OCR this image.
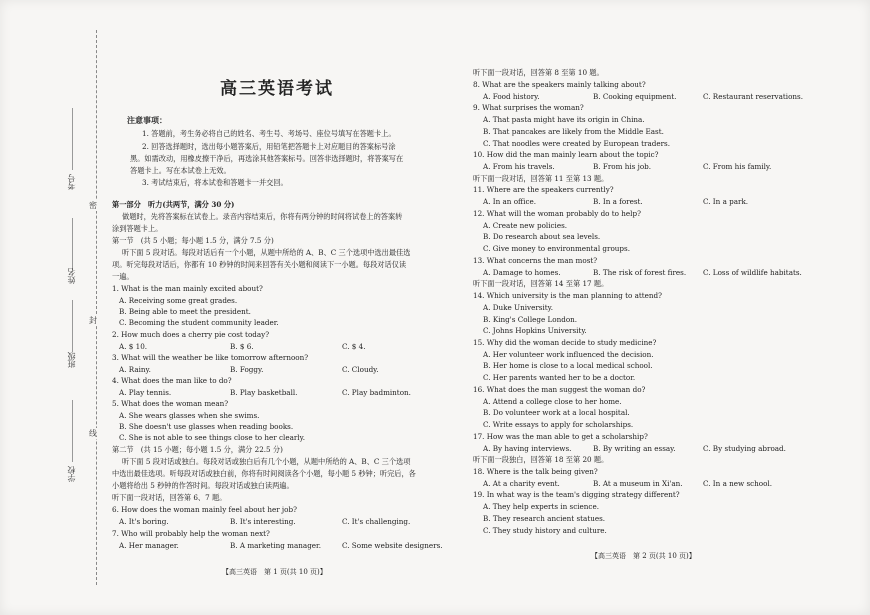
考号
姓名
班级
学校
密
封
线
高三英语考试
注意事项：
1. 答题前，考生务必将自己的姓名、考生号、考场号、座位号填写在答题卡上。
2. 回答选择题时，选出每小题答案后，用铅笔把答题卡上对应题目的答案标号涂
黑。如需改动，用橡皮擦干净后，再选涂其他答案标号。回答非选择题时，将答案写在
答题卡上。写在本试卷上无效。
3. 考试结束后，将本试卷和答题卡一并交回。
第一部分　听力(共两节，满分 30 分)
做题时，先将答案标在试卷上。录音内容结束后，你将有两分钟的时间将试卷上的答案转
涂到答题卡上。
第一节　(共 5 小题；每小题 1.5 分，满分 7.5 分)
听下面 5 段对话。每段对话后有一个小题，从题中所给的 A、B、C 三个选项中选出最佳选
项。听完每段对话后，你都有 10 秒钟的时间来回答有关小题和阅读下一小题。每段对话仅读
一遍。
1. What is the man mainly excited about?
A. Receiving some great grades.
B. Being able to meet the president.
C. Becoming the student community leader.
2. How much does a cherry pie cost today?
A. $ 10.	B. $ 6.	C. $ 4.
3. What will the weather be like tomorrow afternoon?
A. Rainy.	B. Foggy.	C. Cloudy.
4. What does the man like to do?
A. Play tennis.	B. Play basketball.	C. Play badminton.
5. What does the woman mean?
A. She wears glasses when she swims.
B. She doesn't use glasses when reading books.
C. She is not able to see things close to her clearly.
第二节　(共 15 小题；每小题 1.5 分，满分 22.5 分)
听下面 5 段对话或独白。每段对话或独白后有几个小题，从题中所给的 A、B、C 三个选项
中选出最佳选项。听每段对话或独白前，你将有时间阅读各个小题，每小题 5 秒钟；听完后，各
小题将给出 5 秒钟的作答时间。每段对话或独白读两遍。
听下面一段对话，回答第 6、7 题。
6. How does the woman mainly feel about her job?
A. It's boring.	B. It's interesting.	C. It's challenging.
7. Who will probably help the woman next?
A. Her manager.	B. A marketing manager.	C. Some website designers.
【高三英语　第 1 页(共 10 页)】
听下面一段对话，回答第 8 至第 10 题。
8. What are the speakers mainly talking about?
A. Food history.	B. Cooking equipment.	C. Restaurant reservations.
9. What surprises the woman?
A. That pasta might have its origin in China.
B. That pancakes are likely from the Middle East.
C. That noodles were created by European traders.
10. How did the man mainly learn about the topic?
A. From his travels.	B. From his job.	C. From his family.
听下面一段对话，回答第 11 至第 13 题。
11. Where are the speakers currently?
A. In an office.	B. In a forest.	C. In a park.
12. What will the woman probably do to help?
A. Create new policies.
B. Do research about sea levels.
C. Give money to environmental groups.
13. What concerns the man most?
A. Damage to homes.	B. The risk of forest fires. C. Loss of wildlife habitats.
听下面一段对话，回答第 14 至第 17 题。
14. Which university is the man planning to attend?
A. Duke University.
B. King's College London.
C. Johns Hopkins University.
15. Why did the woman decide to study medicine?
A. Her volunteer work influenced the decision.
B. Her home is close to a local medical school.
C. Her parents wanted her to be a doctor.
16. What does the man suggest the woman do?
A. Attend a college close to her home.
B. Do volunteer work at a local hospital.
C. Write essays to apply for scholarships.
17. How was the man able to get a scholarship?
A. By having interviews.	B. By writing an essay.	C. By studying abroad.
听下面一段独白，回答第 18 至第 20 题。
18. Where is the talk being given?
A. At a charity event.	B. At a museum in Xi'an.	C. In a new school.
19. In what way is the team's digging strategy different?
A. They help experts in science.
B. They research ancient statues.
C. They study history and culture.
【高三英语　第 2 页(共 10 页)】
